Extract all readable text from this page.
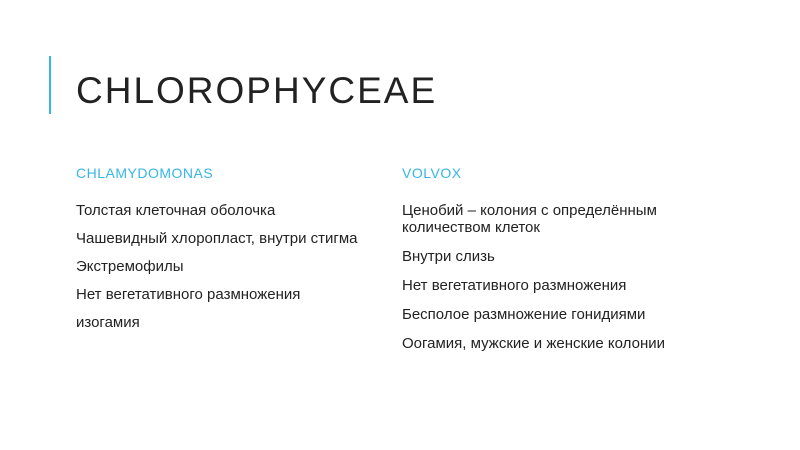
CHLOROPHYCEAE
CHLAMYDOMONAS
Толстая клеточная оболочка
Чашевидный хлоропласт, внутри стигма
Экстремофилы
Нет вегетативного размножения
изогамия
VOLVOX
Ценобий – колония с определённым количеством клеток
Внутри слизь
Нет вегетативного размножения
Бесполое размножение гонидиями
Оогамия, мужские и женские колонии
